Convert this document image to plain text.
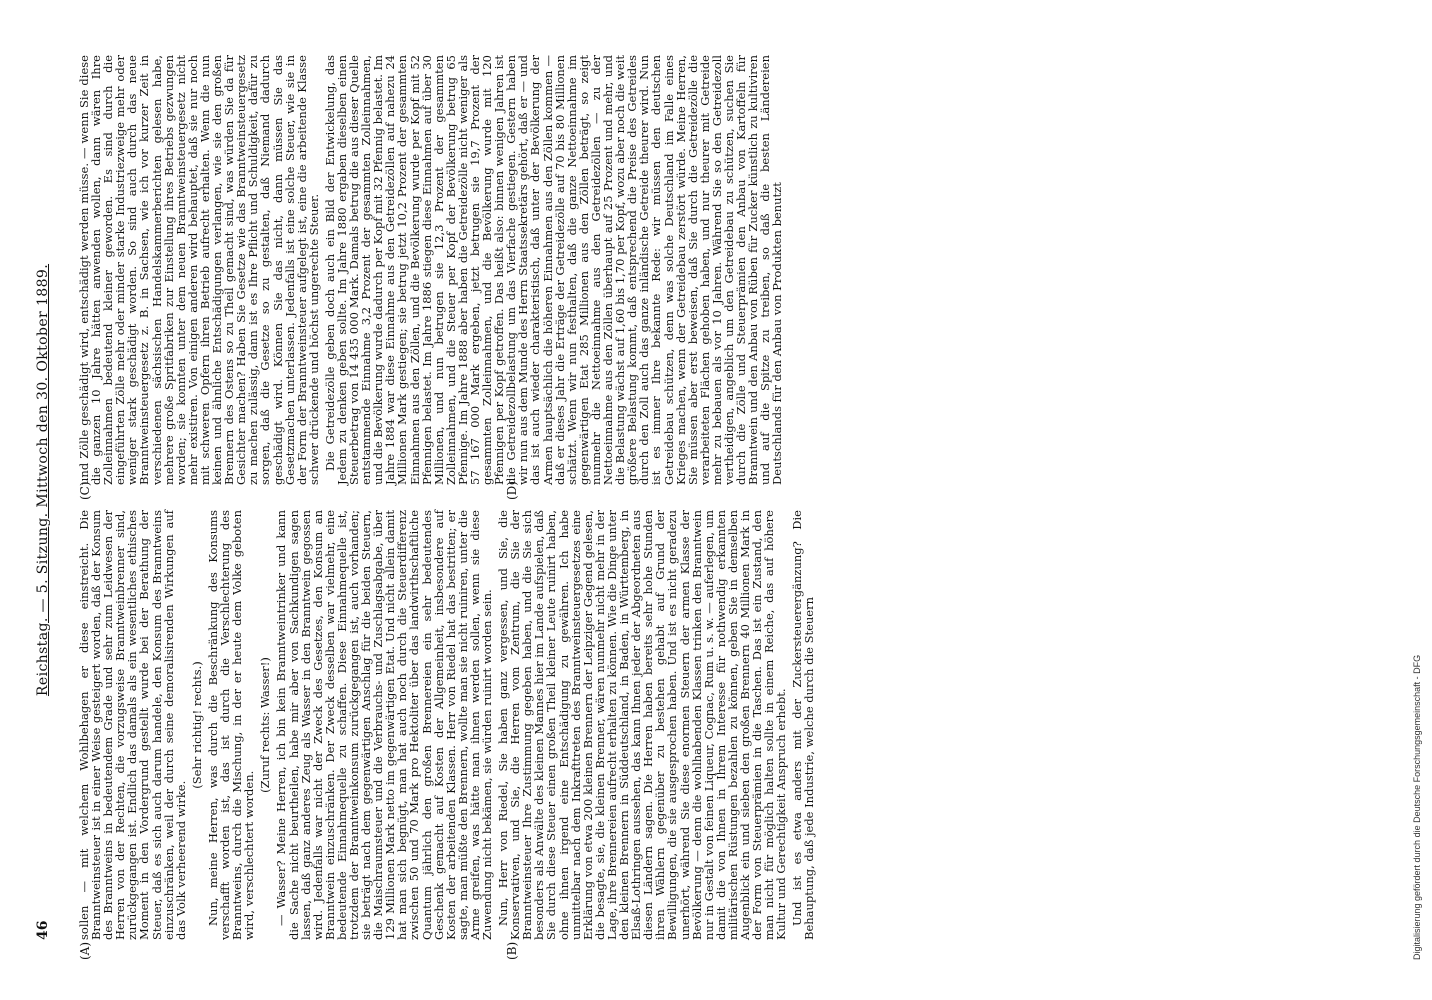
46
Reichstag. — 5. Sitzung. Mittwoch den 30. Oktober 1889.
(A)
(C)
(B)
(D)

sollen — mit welchem Wohlbehagen er diese einstreicht. Die Branntweinsteuer ist in einer Weise gesteigert worden, daß der Konsum des Branntweins in bedeutendem Grade und sehr zum Leidwesen der Herren von der Rechten, die vorzugsweise Branntweinbrenner sind, zurückgegangen ist. Endlich das damals als ein wesentliches ethisches Moment in den Vordergrund gestellt wurde bei der Berathung der Steuer, daß es sich auch darum handele, den Konsum des Branntweins einzuschränken, weil der durch seine demoralisirenden Wirkungen auf das Volk verheerend wirke.

(Sehr richtig! rechts.) Nun, meine Herren, was durch die Beschränkung des Konsums verschafft worden ist, das ist durch die Verschlechterung des Branntweins, durch die Mischung, in der er heute dem Volke geboten wird, verschlechtert worden.

(Zuruf rechts: Wasser!) — Wasser? Meine Herren, ich bin kein Branntweintrinker und kann die Sache nicht beurtheilen, habe mir aber von Sachkundigen sagen lassen, daß ganz anderes Zeug als Wasser in den Branntwein gegossen wird. Jedenfalls war nicht der Zweck des Gesetzes, den Konsum an Branntwein einzuschränken. Der Zweck desselben war vielmehr, eine bedeutende Einnahmequelle zu schaffen. Diese Einnahmequelle ist, trotzdem der Branntweinkonsum zurückgegangen ist, auch vorhanden; sie beträgt nach dem gegenwärtigen Anschlag für die beiden Steuern, die Maischraumsteuer und die Verbrauchs- und Zuschlagsabgabe, über 129 Millionen Mark netto im gegenwärtigen Etat. Und nicht allein damit hat man sich begnügt, man hat auch noch durch die Steuerdifferenz zwischen 50 und 70 Mark pro Hektoliter über das landwirthschaftliche Quantum jährlich den großen Brennereien ein sehr bedeutendes Geschenk gemacht auf Kosten der Allgemeinheit, insbesondere auf Kosten der arbeitenden Klassen. Herr von Riedel hat das bestritten; er sagte, man müßte den Brennern, wollte man sie nicht ruiniren, unter die Arme greifen, was hätte man ihnen werden sollen, wenn sie diese Zuwendung nicht bekämen, sie würden ruinirt worden sein. Nun, Herr von Riedel, Sie haben ganz vergessen, und Sie, die Konservativen, und Sie, die Herren vom Zentrum, die Sie der Branntweinsteuer Ihre Zustimmung gegeben haben, und die Sie sich besonders als Anwälte des kleinen Mannes hier im Lande aufspielen, daß Sie durch diese Steuer einen großen Theil kleiner Leute ruinirt haben, ohne ihnen irgend eine Entschädigung zu gewähren. Ich habe unmittelbar nach dem Inkrafttreten des Branntweinsteuergesetzes eine Erklärung von etwa 200 kleinen Brennern der Leipziger Gegend gelesen, die besagte, sie, die kleinen Brenner, wären nunmehr nicht mehr in der Lage, ihre Brennereien aufrecht erhalten zu können. Wie die Dinge unter den kleinen Brennern in Süddeutschland, in Baden, in Württemberg, in Elsaß-Lothringen aussehen, das kann Ihnen jeder der Abgeordneten aus diesen Ländern sagen. Die Herren haben bereits sehr hohe Stunden ihren Wählern gegenüber zu bestehen gehabt auf Grund der Bewilligungen, die sie ausgesprochen haben. Und ist es nicht geradezu unerhört, während Sie diese enormen Steuern der armen Klasse der Bevölkerung — denn die wohlhabenden Klassen trinken den Branntwein nur in Gestalt von feinen Liqueur, Cognac, Rum u. s. w. — auferlegen, um damit die von Ihnen in Ihrem Interesse für nothwendig erkannten militärischen Rüstungen bezahlen zu können, geben Sie in demselben Augenblick ein und sieben den großen Brennern 40 Millionen Mark in der Form von Steuerprämien in die Taschen. Das ist ein Zustand, den man nicht für möglich halten sollte in einem Reiche, das auf höhere Kultur und Gerechtigkeit Anspruch erhebt. Und ist es etwa anders mit der Zuckersteuerergänzung? Die Behauptung, daß jede Industrie, welche durch die Steuern

und Zölle geschädigt wird, entschädigt werden müsse. — wenn Sie diese die ganzen 10 Jahre hätten anwenden wollen, dann wären Ihre Zolleinnahmen bedeutend kleiner geworden. Es sind durch die eingeführten Zölle mehr oder minder starke Industriezweige mehr oder weniger stark geschädigt worden. So sind auch durch das neue Branntweinsteuergesetz z. B. in Sachsen, wie ich vor kurzer Zeit in verschiedenen sächsischen Handelskammerberichten gelesen habe, mehrere große Spritfabriken zur Einstellung ihres Betriebs gezwungen worden; sie konnten unter dem neuen Branntweinsteuergesetz nicht mehr existiren. Von einigen anderen wird behauptet, daß sie nur noch mit schweren Opfern ihren Betrieb aufrecht erhalten. Wenn die nun keinen und ähnliche Entschädigungen verlangen, wie sie den großen Brennern des Ostens so zu Theil gemacht sind, was würden Sie da für Gesichter machen? Haben Sie Gesetze wie das Branntweinsteuergesetz zu machen zulässig, dann ist es Ihre Pflicht und Schuldigkeit, dafür zu sorgen, daß die Gesetze so zu gestalten, daß Niemand dadurch geschädigt wird. Können Sie das nicht, dann müssen Sie das Gesetzmachen unterlassen. Jedenfalls ist eine solche Steuer, wie sie in der Form der Branntweinsteuer aufgelegt ist, eine die arbeitende Klasse schwer drückende und höchst ungerechte Steuer. Die Getreidezölle geben doch auch ein Bild der Entwickelung, das Jedem zu denken geben sollte. Im Jahre 1880 ergaben dieselben einen Steuerbetrag von 14 435 000 Mark. Damals betrug die aus dieser Quelle entstammende Einnahme 3,2 Prozent der gesammten Zolleinnahmen, und die Bevölkerung wurde dadurch per Kopf mit 32 Pfennig belastet. Im Jahre 1884 war diese Einnahme aus den Getreidezöllen auf nahezu 24 Millionen Mark gestiegen; sie betrug jetzt 10,2 Prozent der gesammten Einnahmen aus den Zöllen, und die Bevölkerung wurde per Kopf mit 52 Pfennigen belastet. Im Jahre 1886 stiegen diese Einnahmen auf über 30 Millionen, und nun betrugen sie 12,3 Prozent der gesammten Zolleinnahmen, und die Steuer per Kopf der Bevölkerung betrug 65 Pfennige. Im Jahre 1888 aber haben die Getreidezölle nicht weniger als 57 167 000 Mark ergeben, jetzt betrugen sie 19,7 Prozent der gesammten Zolleinnahmen, und die Bevölkerung wurde mit 120 Pfennigen per Kopf getroffen. Das heißt also: binnen wenigen Jahren ist die Getreidezollbelastung um das Vierfache gestiegen. Gestern haben wir nun aus dem Munde des Herrn Staatssekretärs gehört, daß er — und das ist auch wieder charakteristisch, daß unter der Bevölkerung der Armen hauptsächlich die höheren Einnahmen aus den Zöllen kommen — daß er dieses Jahr die Erträge der Getreidezölle auf 70 bis 80 Millionen schätzt. Wenn wir nun festhalten, daß die ganze Nettoeinnahme im gegenwärtigen Etat 285 Millionen aus den Zöllen beträgt, so zeigt nunmehr die Nettoeinnahme aus den Getreidezöllen — zu der Nettoeinnahme aus den Zöllen überhaupt auf 25 Prozent und mehr, und die Belastung wächst auf 1,60 bis 1,70 per Kopf, wozu aber noch die weit größere Belastung kommt, daß entsprechend die Preise des Getreides durch den Zoll auch das ganze inländische Getreide theurer wird. Nun ist es immer Ihre bekannte Rede: wir müssen den deutschen Getreidebau schützen, denn was solche Deutschland im Falle eines Krieges machen, wenn der Getreidebau zerstört würde. Meine Herren, Sie müssen aber erst beweisen, daß Sie durch die Getreidezölle die verarbeiteten Flächen gehoben haben, und nur theurer mit Getreide mehr zu bebauen als vor 10 Jahren. Während Sie so den Getreidezoll vertheidigen, angeblich um den Getreidebau zu schützen, suchen Sie durch die Zölle und Steuerprämien den Anbau von Kartoffeln für Branntwein und den Anbau von Rüben für Zucker künstlich zu kultiviren und auf die Spitze zu treiben, so daß die besten Ländereien Deutschlands für den Anbau von Produkten benutzt

Digitalisierung gefördert durch die Deutsche Forschungsgemeinschaft - DFG
